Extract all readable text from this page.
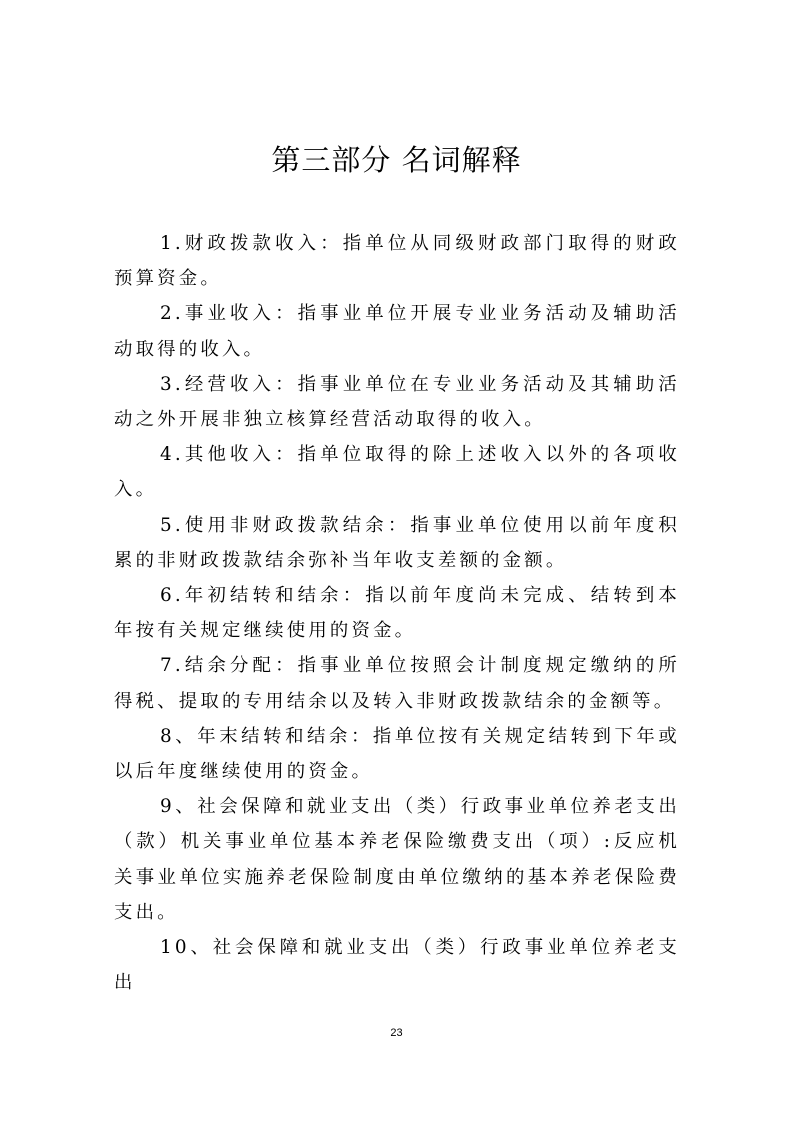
第三部分 名词解释

1.财政拨款收入：指单位从同级财政部门取得的财政预算资金。

2.事业收入：指事业单位开展专业业务活动及辅助活动取得的收入。

3.经营收入：指事业单位在专业业务活动及其辅助活动之外开展非独立核算经营活动取得的收入。

4.其他收入：指单位取得的除上述收入以外的各项收入。

5.使用非财政拨款结余：指事业单位使用以前年度积累的非财政拨款结余弥补当年收支差额的金额。

6.年初结转和结余：指以前年度尚未完成、结转到本年按有关规定继续使用的资金。

7.结余分配：指事业单位按照会计制度规定缴纳的所得税、提取的专用结余以及转入非财政拨款结余的金额等。

8、年末结转和结余：指单位按有关规定结转到下年或以后年度继续使用的资金。

9、社会保障和就业支出（类）行政事业单位养老支出（款）机关事业单位基本养老保险缴费支出（项）:反应机关事业单位实施养老保险制度由单位缴纳的基本养老保险费支出。

10、社会保障和就业支出（类）行政事业单位养老支出

23
